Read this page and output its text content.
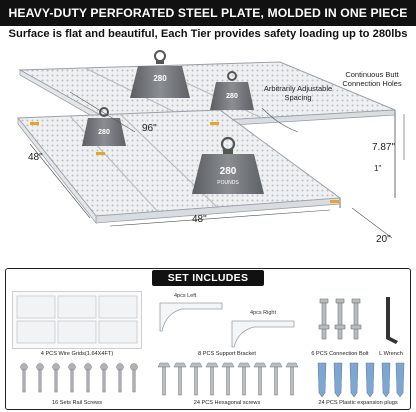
HEAVY-DUTY PERFORATED STEEL PLATE, MOLDED IN ONE PIECE
Surface is flat and beautiful, Each Tier provides safety loading up to 280lbs
280
280
280
280
POUNDS
96"
48"
48"
7.87"
1"
20"
Arbitrarily Adjustable Spacing
Continuous Butt Connection Holes
SET INCLUDES
4 PCS Wire Grids(1.64X4FT)
4pcs Left
4pcs Right
8 PCS Support Bracket	6 PCS Connection Bolt	L Wrench
16 Sets Rail Screws	24 PCS Hexagonal screws	24 PCS Plastic expansion plugs
